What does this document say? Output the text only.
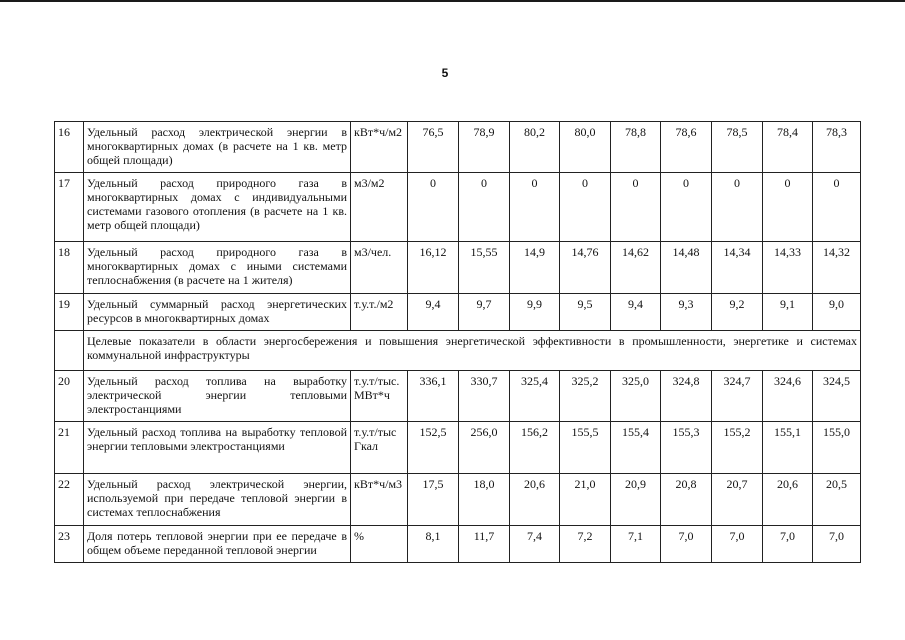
5
16	Удельный расход электрической энергии в многоквартирных домах (в расчете на 1 кв. метр общей площади)	кВт*ч/м2	76,5	78,9	80,2	80,0	78,8	78,6	78,5	78,4	78,3
17	Удельный расход природного газа в многоквартирных домах с индивидуальными системами газового отопления (в расчете на 1 кв. метр общей площади)	м3/м2	0	0	0	0	0	0	0	0	0
18	Удельный расход природного газа в многоквартирных домах с иными системами теплоснабжения (в расчете на 1 жителя)	м3/чел.	16,12	15,55	14,9	14,76	14,62	14,48	14,34	14,33	14,32
19	Удельный суммарный расход энергетических ресурсов в многоквартирных домах	т.у.т./м2	9,4	9,7	9,9	9,5	9,4	9,3	9,2	9,1	9,0
	Целевые показатели в области энергосбережения и повышения энергетической эффективности в промышленности, энергетике и системах коммунальной инфраструктуры										
20	Удельный расход топлива на выработку электрической энергии тепловыми электростанциями	т.у.т/тыс. МВт*ч	336,1	330,7	325,4	325,2	325,0	324,8	324,7	324,6	324,5
21	Удельный расход топлива на выработку тепловой энергии тепловыми электростанциями	т.у.т/тыс Гкал	152,5	256,0	156,2	155,5	155,4	155,3	155,2	155,1	155,0
22	Удельный расход электрической энергии, используемой при передаче тепловой энергии в системах теплоснабжения	кВт*ч/м3	17,5	18,0	20,6	21,0	20,9	20,8	20,7	20,6	20,5
23	Доля потерь тепловой энергии при ее передаче в общем объеме переданной тепловой энергии	%	8,1	11,7	7,4	7,2	7,1	7,0	7,0	7,0	7,0
